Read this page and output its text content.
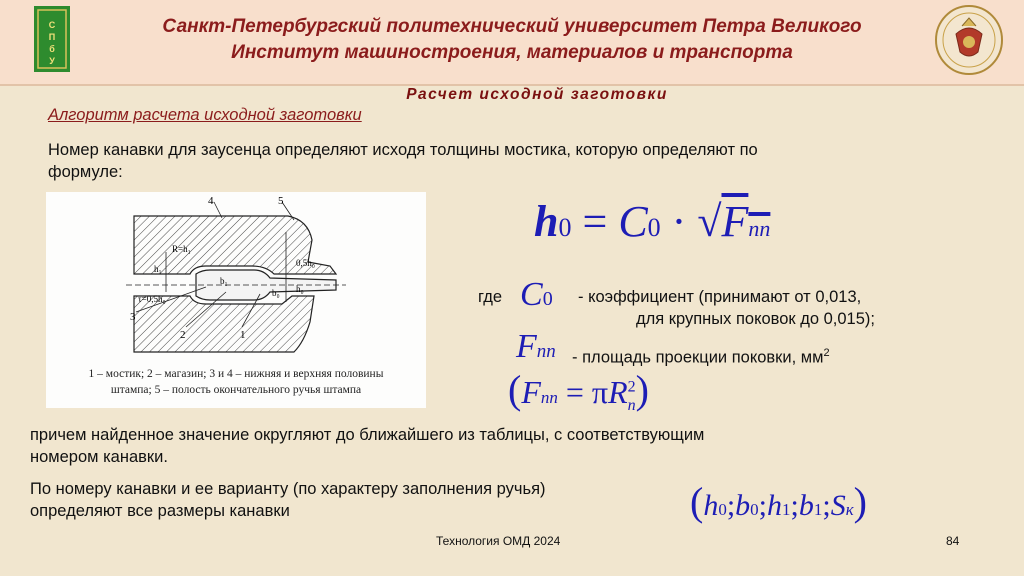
С
П
б
У
Санкт-Петербургский политехнический университет Петра Великого
Институт машиностроения, материалов и транспорта
Расчет исходной заготовки
Алгоритм расчета исходной заготовки
Номер канавки для заусенца определяют исходя толщины мостика, которую определяют по
формуле:
4	5
3
2	1
R=h₁
h₁
0,5h₀
b₁
h₀
b₀
τ=0,5h₀
1 – мостик; 2 – магазин; 3 и 4 – нижняя и верхняя половины
штампа; 5 – полость окончательного ручья штампа
h0 = C0 · √Fпп
где C0 - коэффициент (принимают от 0,013,
для крупных поковок до 0,015);
Fпп - площадь проекции поковки, $мм^2$
$(Fпп = \pi R^2_п)$
причем найденное значение округляют до ближайшего из таблицы, с соответствующим
номером канавки.
По номеру канавки и ее варианту (по характеру заполнения ручья)
определяют все размеры канавки	(h0;b0;h1;b1;Sк)
Технология ОМД 2024	84
